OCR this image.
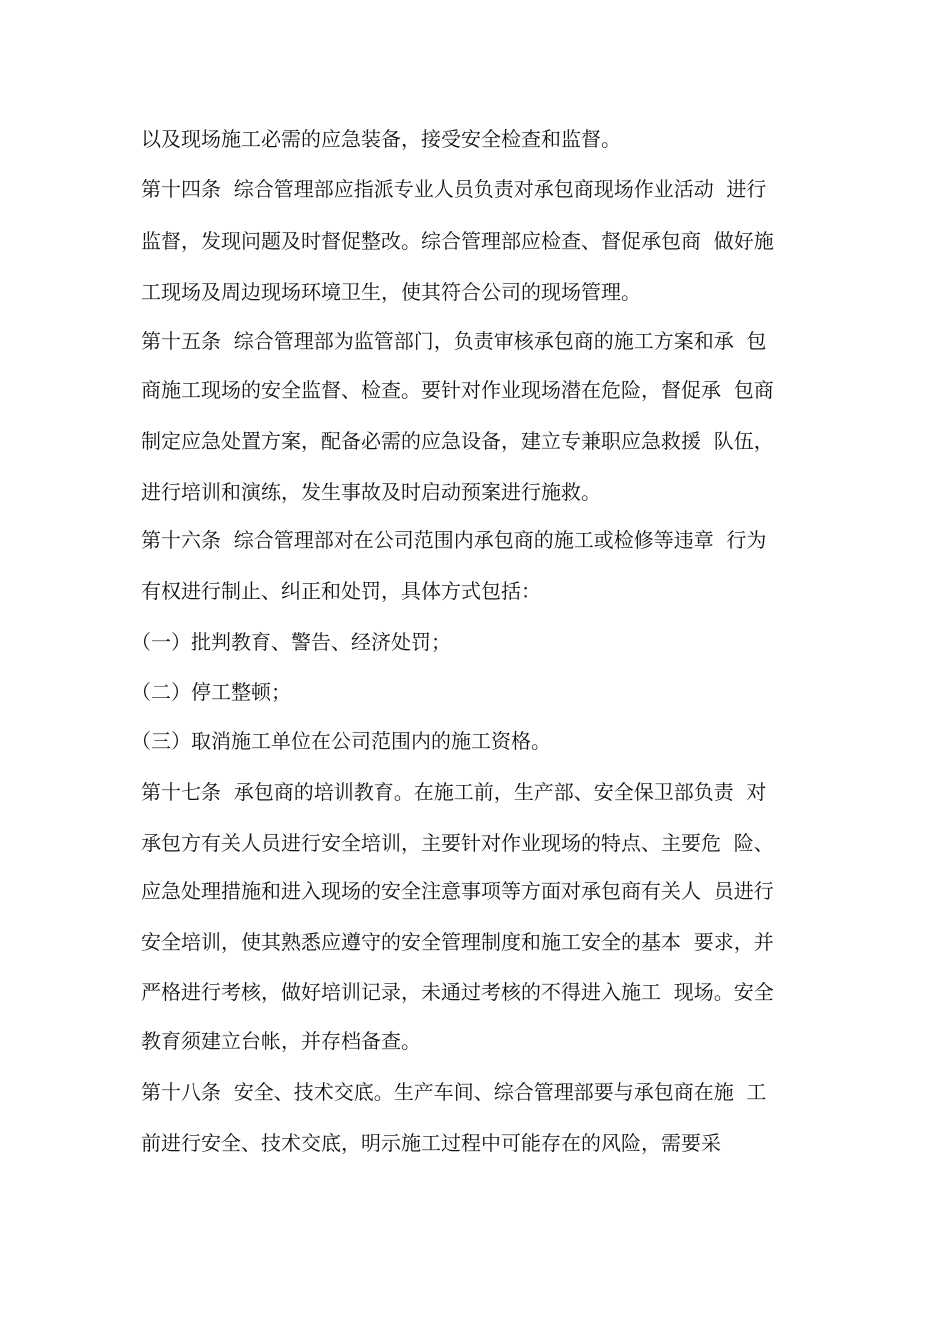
以及现场施工必需的应急装备，接受安全检查和监督。
第十四条  综合管理部应指派专业人员负责对承包商现场作业活动  进行
监督，发现问题及时督促整改。综合管理部应检查、督促承包商  做好施
工现场及周边现场环境卫生，使其符合公司的现场管理。
第十五条  综合管理部为监管部门，负责审核承包商的施工方案和承  包
商施工现场的安全监督、检查。要针对作业现场潜在危险，督促承  包商
制定应急处置方案，配备必需的应急设备，建立专兼职应急救援  队伍，
进行培训和演练，发生事故及时启动预案进行施救。
第十六条  综合管理部对在公司范围内承包商的施工或检修等违章  行为
有权进行制止、纠正和处罚，具体方式包括：
（一）批判教育、警告、经济处罚；
（二）停工整顿；
（三）取消施工单位在公司范围内的施工资格。
第十七条  承包商的培训教育。在施工前，生产部、安全保卫部负责  对
承包方有关人员进行安全培训，主要针对作业现场的特点、主要危  险、
应急处理措施和进入现场的安全注意事项等方面对承包商有关人  员进行
安全培训，使其熟悉应遵守的安全管理制度和施工安全的基本  要求，并
严格进行考核，做好培训记录，未通过考核的不得进入施工  现场。安全
教育须建立台帐，并存档备查。
第十八条  安全、技术交底。生产车间、综合管理部要与承包商在施  工
前进行安全、技术交底，明示施工过程中可能存在的风险，需要采
